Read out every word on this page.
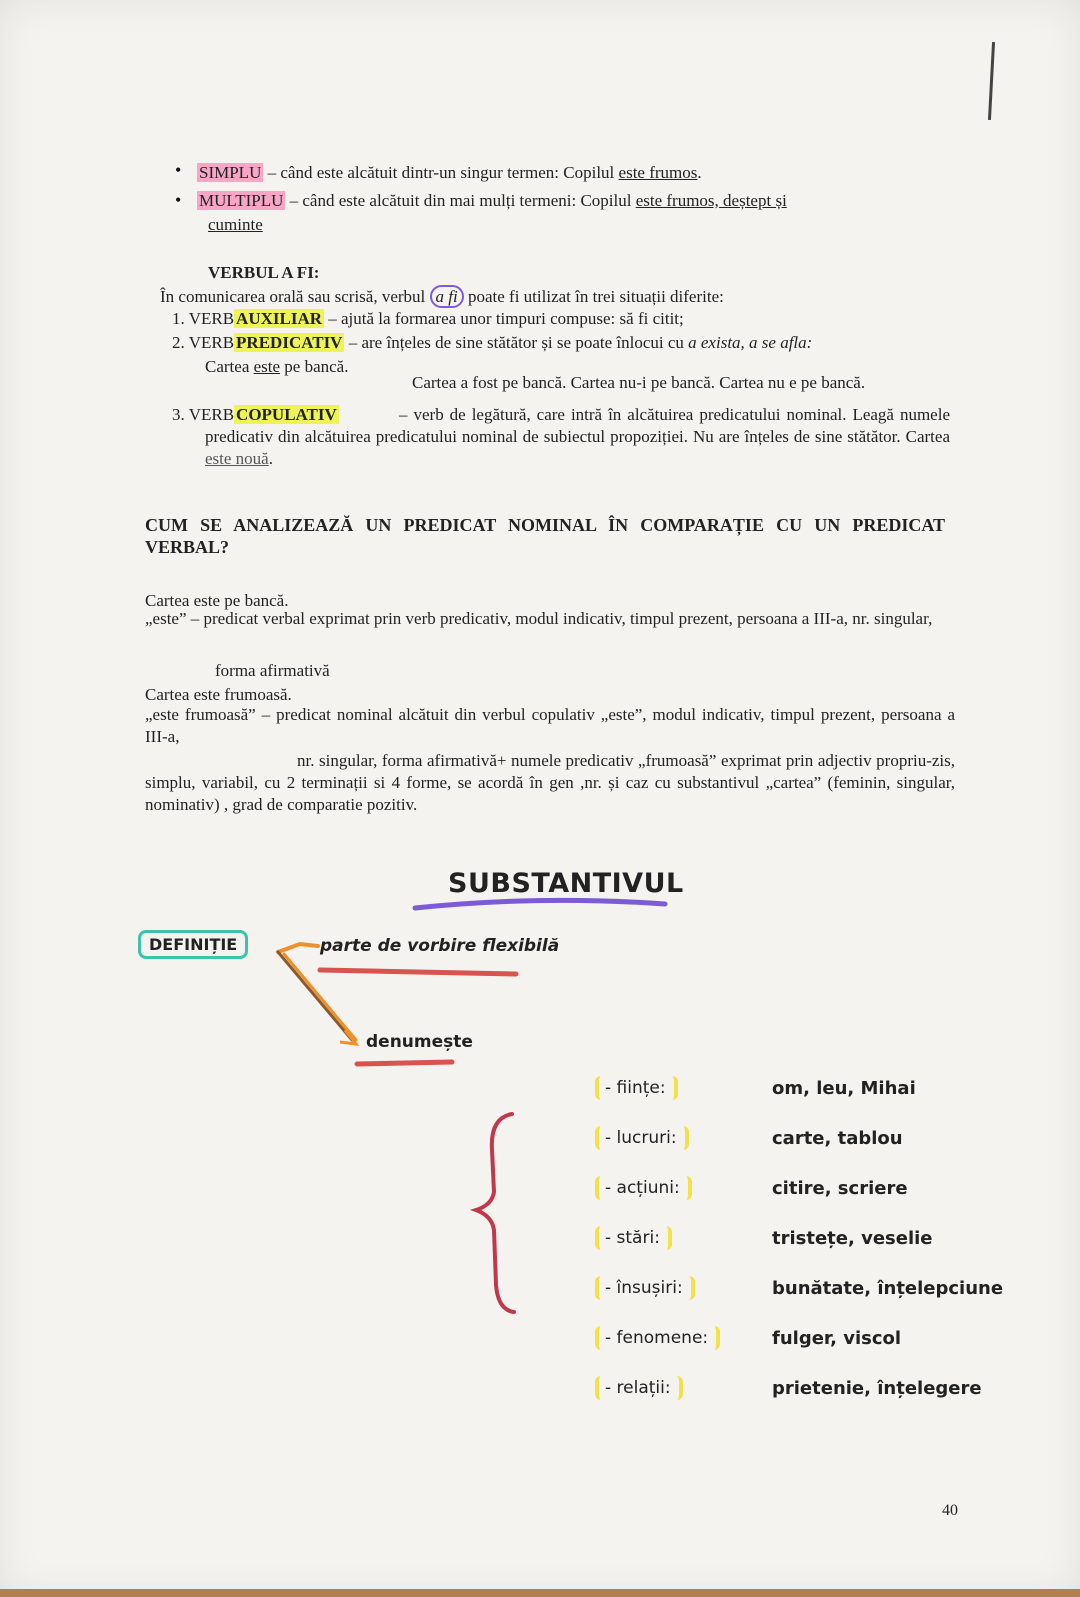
• SIMPLU – când este alcătuit dintr-un singur termen: Copilul este frumos.
• MULTIPLU – când este alcătuit din mai mulți termeni: Copilul este frumos, deștept și
cuminte
VERBUL A FI:
În comunicarea orală sau scrisă, verbul a fi poate fi utilizat în trei situații diferite:
1. VERB AUXILIAR – ajută la formarea unor timpuri compuse: să fi citit;
2. VERB PREDICATIV – are înțeles de sine stătător și se poate înlocui cu a exista, a se afla:
Cartea este pe bancă.
Cartea a fost pe bancă. Cartea nu-i pe bancă. Cartea nu e pe bancă.
3. VERB COPULATIV	– verb de legătură, care intră în alcătuirea predicatului nominal. Leagă numele predicativ din alcătuirea predicatului nominal de subiectul propoziției. Nu are înțeles de sine stătător. Cartea este nouă.
CUM SE ANALIZEAZĂ UN PREDICAT NOMINAL ÎN COMPARAȚIE CU UN PREDICAT VERBAL?
Cartea este pe bancă.
„este” – predicat verbal exprimat prin verb predicativ, modul indicativ, timpul prezent, persoana a III-a, nr. singular,
forma afirmativă
Cartea este frumoasă.
„este frumoasă” – predicat nominal alcătuit din verbul copulativ „este”, modul indicativ, timpul prezent, persoana a III-a,
nr. singular, forma afirmativă+ numele predicativ „frumoasă” exprimat prin adjectiv propriu-zis, simplu, variabil, cu 2 terminații si 4 forme, se acordă în gen ,nr. și caz cu substantivul „cartea” (feminin, singular, nominativ) , grad de comparatie pozitiv.
SUBSTANTIVUL
DEFINIȚIE	parte de vorbire flexibilă
denumește
- ființe:	om, leu, Mihai
- lucruri:	carte, tablou
- acțiuni:	citire, scriere
- stări:	tristețe, veselie
- însușiri:	bunătate, înțelepciune
- fenomene:	fulger, viscol
- relații:	prietenie, înțelegere
40
